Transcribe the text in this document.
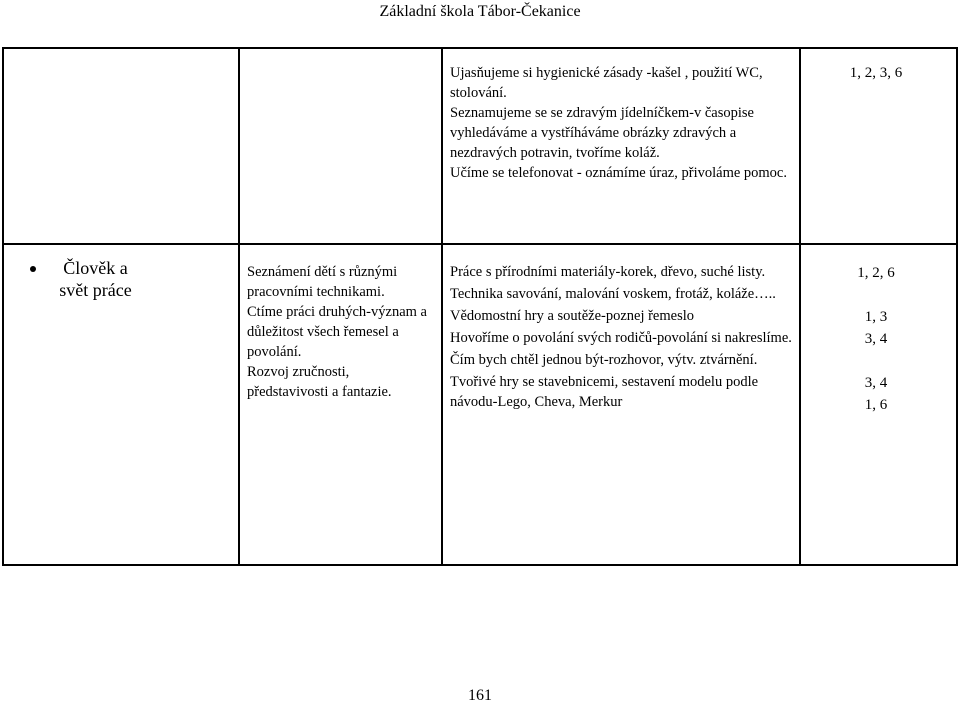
Základní škola Tábor-Čekanice

Ujasňujeme si hygienické zásady -kašel , použití WC, stolování.

Seznamujeme se se zdravým jídelníčkem-v časopise vyhledáváme a vystříháváme obrázky zdravých a nezdravých potravin, tvoříme koláž.

Učíme se telefonovat - oznámíme úraz, přivoláme pomoc.

1, 2, 3, 6
Člověk a svět práce

Seznámení dětí s různými pracovními technikami.

Ctíme práci druhých-význam a důležitost všech řemesel a povolání.

Rozvoj zručnosti, představivosti a fantazie.

Práce s přírodními materiály-korek, dřevo, suché listy.

Technika savování, malování voskem, frotáž, koláže…..

Vědomostní hry a soutěže-poznej řemeslo

Hovoříme o povolání svých rodičů-povolání si nakreslíme.

Čím bych chtěl jednou být-rozhovor, výtv. ztvárnění.

Tvořivé hry se stavebnicemi, sestavení modelu podle návodu-Lego, Cheva, Merkur

1, 2, 6
1, 3
3, 4
3, 4
1, 6
161
